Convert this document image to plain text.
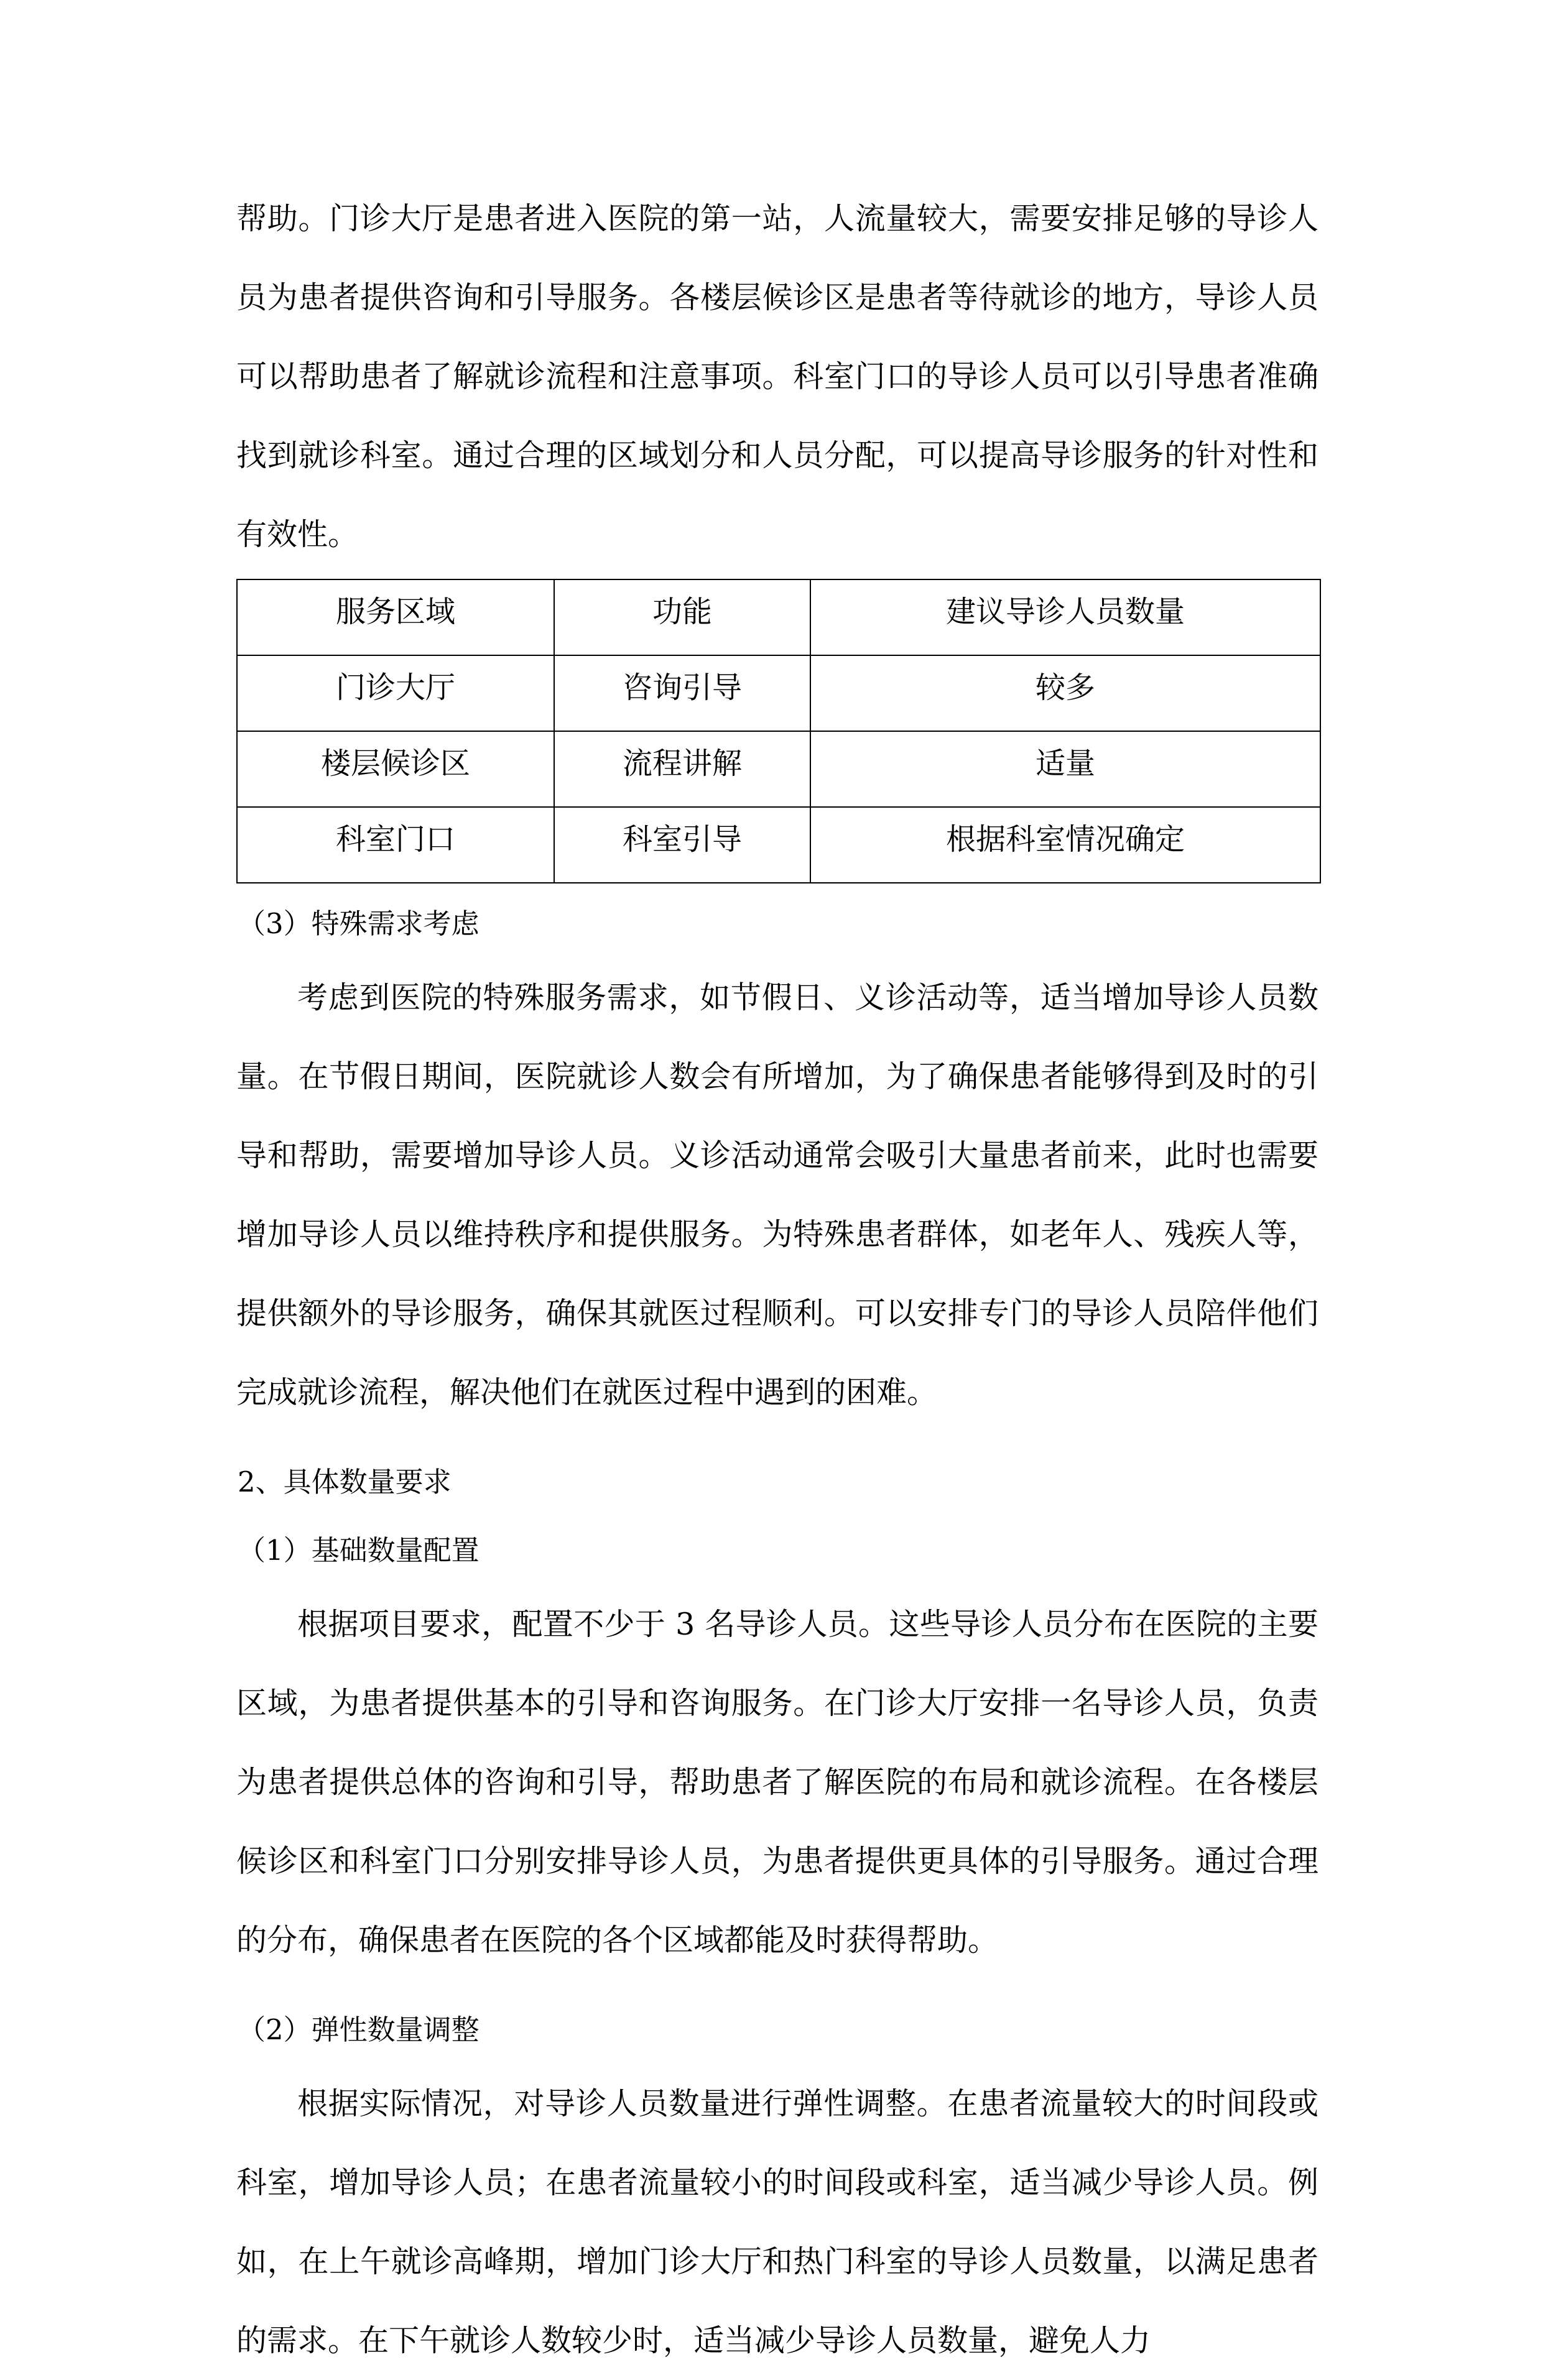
帮助。门诊大厅是患者进入医院的第一站，人流量较大，需要安排足够的导诊人员为患者提供咨询和引导服务。各楼层候诊区是患者等待就诊的地方，导诊人员可以帮助患者了解就诊流程和注意事项。科室门口的导诊人员可以引导患者准确找到就诊科室。通过合理的区域划分和人员分配，可以提高导诊服务的针对性和有效性。

服务区域	功能	建议导诊人员数量
门诊大厅	咨询引导	较多
楼层候诊区	流程讲解	适量
科室门口	科室引导	根据科室情况确定

（3）特殊需求考虑

考虑到医院的特殊服务需求，如节假日、义诊活动等，适当增加导诊人员数量。在节假日期间，医院就诊人数会有所增加，为了确保患者能够得到及时的引导和帮助，需要增加导诊人员。义诊活动通常会吸引大量患者前来，此时也需要增加导诊人员以维持秩序和提供服务。为特殊患者群体，如老年人、残疾人等，提供额外的导诊服务，确保其就医过程顺利。可以安排专门的导诊人员陪伴他们完成就诊流程，解决他们在就医过程中遇到的困难。

2、具体数量要求

（1）基础数量配置

根据项目要求，配置不少于 3 名导诊人员。这些导诊人员分布在医院的主要区域，为患者提供基本的引导和咨询服务。在门诊大厅安排一名导诊人员，负责为患者提供总体的咨询和引导，帮助患者了解医院的布局和就诊流程。在各楼层候诊区和科室门口分别安排导诊人员，为患者提供更具体的引导服务。通过合理的分布，确保患者在医院的各个区域都能及时获得帮助。

（2）弹性数量调整

根据实际情况，对导诊人员数量进行弹性调整。在患者流量较大的时间段或科室，增加导诊人员；在患者流量较小的时间段或科室，适当减少导诊人员。例如，在上午就诊高峰期，增加门诊大厅和热门科室的导诊人员数量，以满足患者的需求。在下午就诊人数较少时，适当减少导诊人员数量，避免人力
